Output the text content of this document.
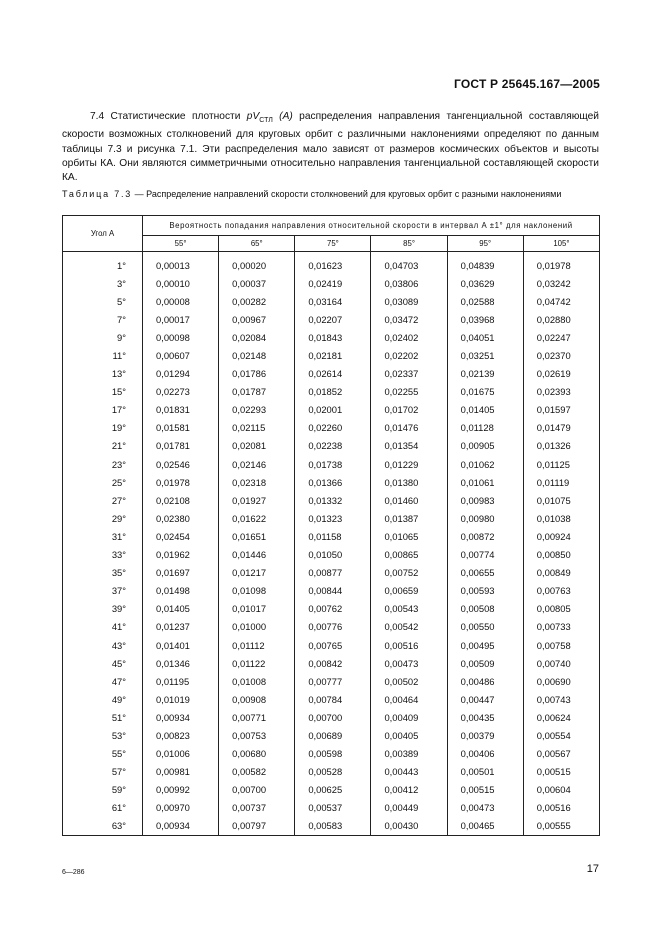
ГОСТ Р 25645.167—2005
7.4 Статистические плотности $pV_{СТЛ}$ (A) распределения направления тангенциальной составляющей скорости возможных столкновений для круговых орбит с различными наклонениями определяют по данным таблицы 7.3 и рисунка 7.1. Эти распределения мало зависят от размеров космических объектов и высоты орбиты КА. Они являются симметричными относительно направления тангенциальной составляющей скорости КА.
Таблица 7.3 — Распределение направлений скорости столкновений для круговых орбит с разными наклонениями
Угол A	Вероятность попадания направления относительной скорости в интервал A ±1° для наклонений					
	55°	65°	75°	85°	95°	105°

1°	0,00013	0,00020	0,01623	0,04703	0,04839	0,01978
3°	0,00010	0,00037	0,02419	0,03806	0,03629	0,03242
5°	0,00008	0,00282	0,03164	0,03089	0,02588	0,04742
7°	0,00017	0,00967	0,02207	0,03472	0,03968	0,02880
9°	0,00098	0,02084	0,01843	0,02402	0,04051	0,02247
11°	0,00607	0,02148	0,02181	0,02202	0,03251	0,02370
13°	0,01294	0,01786	0,02614	0,02337	0,02139	0,02619
15°	0,02273	0,01787	0,01852	0,02255	0,01675	0,02393
17°	0,01831	0,02293	0,02001	0,01702	0,01405	0,01597
19°	0,01581	0,02115	0,02260	0,01476	0,01128	0,01479
21°	0,01781	0,02081	0,02238	0,01354	0,00905	0,01326
23°	0,02546	0,02146	0,01738	0,01229	0,01062	0,01125
25°	0,01978	0,02318	0,01366	0,01380	0,01061	0,01119
27°	0,02108	0,01927	0,01332	0,01460	0,00983	0,01075
29°	0,02380	0,01622	0,01323	0,01387	0,00980	0,01038
31°	0,02454	0,01651	0,01158	0,01065	0,00872	0,00924
33°	0,01962	0,01446	0,01050	0,00865	0,00774	0,00850
35°	0,01697	0,01217	0,00877	0,00752	0,00655	0,00849
37°	0,01498	0,01098	0,00844	0,00659	0,00593	0,00763
39°	0,01405	0,01017	0,00762	0,00543	0,00508	0,00805
41°	0,01237	0,01000	0,00776	0,00542	0,00550	0,00733
43°	0,01401	0,01112	0,00765	0,00516	0,00495	0,00758
45°	0,01346	0,01122	0,00842	0,00473	0,00509	0,00740
47°	0,01195	0,01008	0,00777	0,00502	0,00486	0,00690
49°	0,01019	0,00908	0,00784	0,00464	0,00447	0,00743
51°	0,00934	0,00771	0,00700	0,00409	0,00435	0,00624
53°	0,00823	0,00753	0,00689	0,00405	0,00379	0,00554
55°	0,01006	0,00680	0,00598	0,00389	0,00406	0,00567
57°	0,00981	0,00582	0,00528	0,00443	0,00501	0,00515
59°	0,00992	0,00700	0,00625	0,00412	0,00515	0,00604
61°	0,00970	0,00737	0,00537	0,00449	0,00473	0,00516
63°	0,00934	0,00797	0,00583	0,00430	0,00465	0,00555
6—286	17
